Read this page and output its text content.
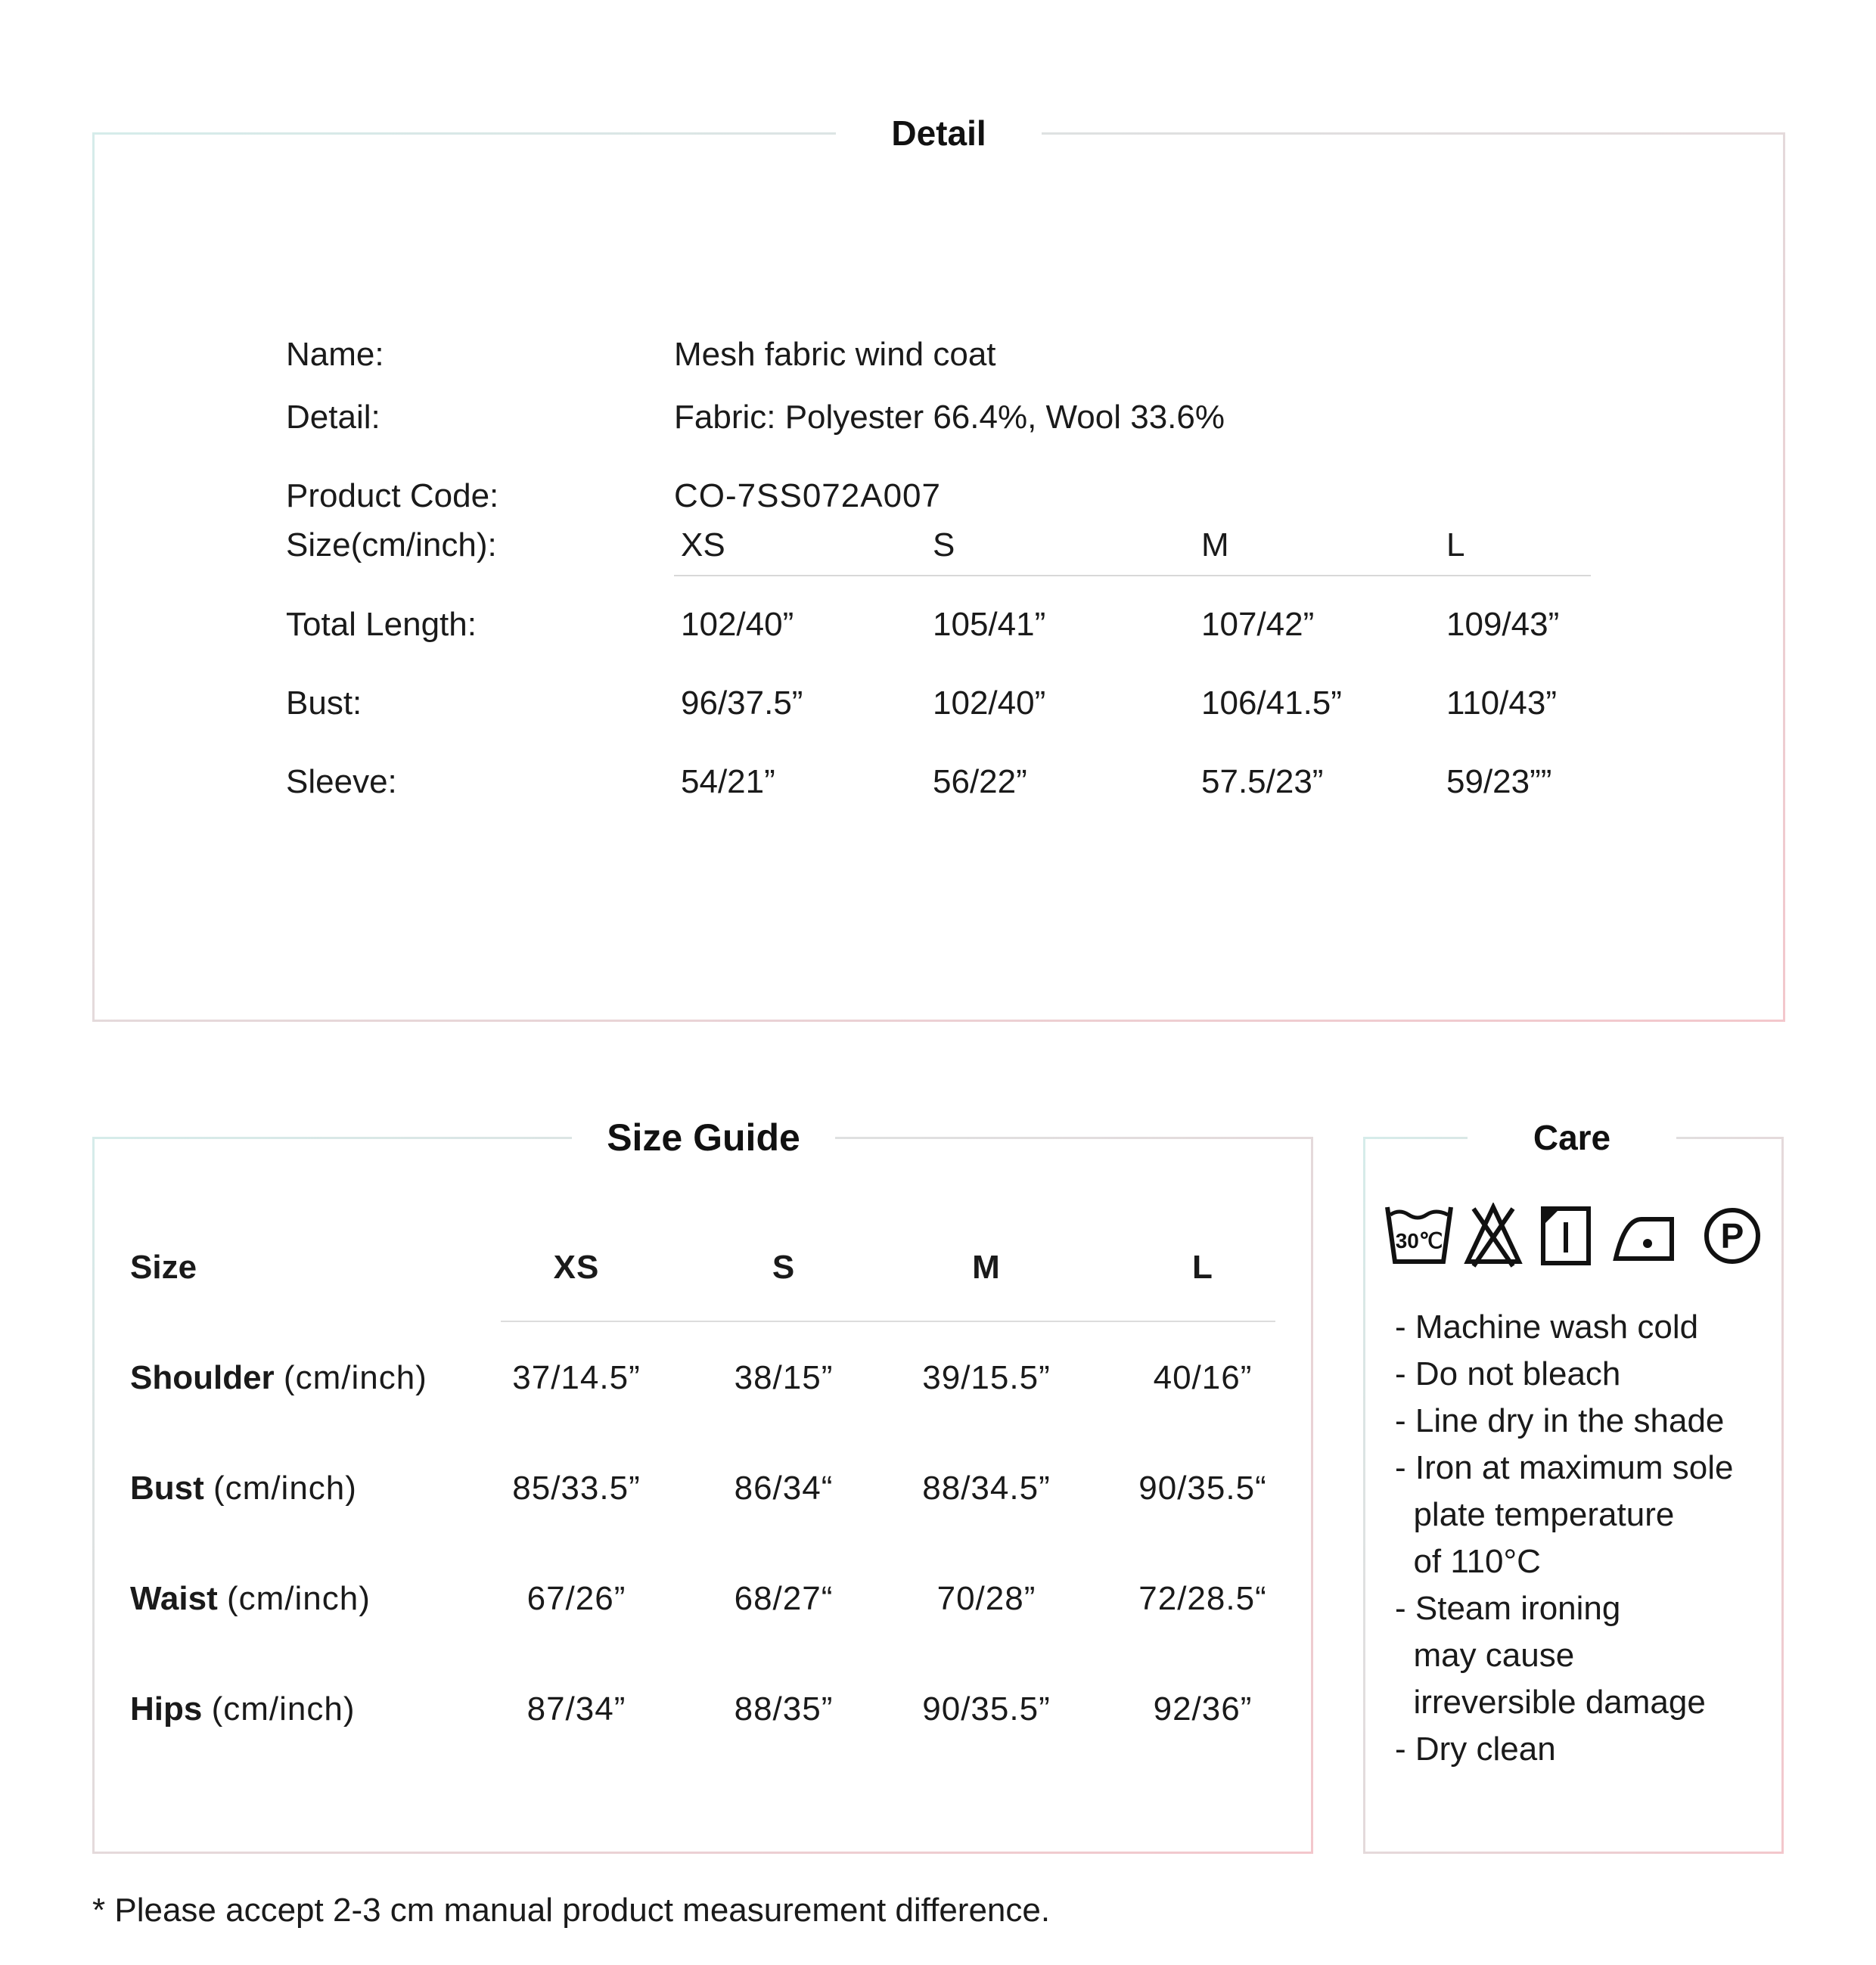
Detail
Name:	Mesh fabric wind coat
Detail:	Fabric: Polyester 66.4%, Wool 33.6%
Product Code:	CO-7SS072A007
Size(cm/inch):	XS	S	M	L
Total Length:	102/40”	105/41”	107/42”	109/43”
Bust:	96/37.5”	102/40”	106/41.5”	110/43”
Sleeve:	54/21”	56/22”	57.5/23”	59/23””
Size Guide
Size	XS	S	M	L
Shoulder (cm/inch)	37/14.5”	38/15”	39/15.5”	40/16”
Bust (cm/inch)	85/33.5”	86/34“	88/34.5”	90/35.5“
Waist (cm/inch)	67/26”	68/27“	70/28”	72/28.5“
Hips (cm/inch)	87/34”	88/35”	90/35.5”	92/36”
Care
30℃	P
- Machine wash cold
- Do not bleach
- Line dry in the shade
- Iron at maximum sole
plate temperature
of 110°C
- Steam ironing
may cause
irreversible damage
- Dry clean
* Please accept 2-3 cm manual product measurement difference.
